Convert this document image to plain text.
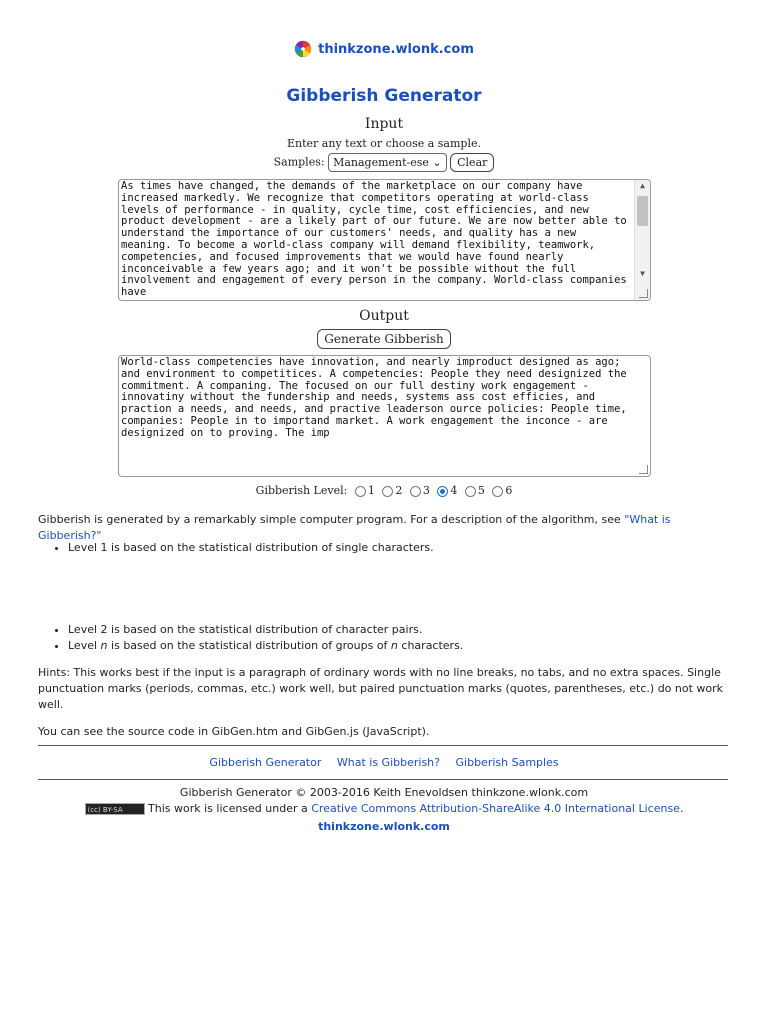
thinkzone.wlonk.com
Gibberish Generator
Input
Enter any text or choose a sample.
Samples: Management-ese ⌄ Clear
As times have changed, the demands of the marketplace on our company have increased markedly. We recognize that competitors operating at world-class levels of performance - in quality, cycle time, cost efficiencies, and new product development - are a likely part of our future. We are now better able to understand the importance of our customers' needs, and quality has a new meaning. To become a world-class company will demand flexibility, teamwork, competencies, and focused improvements that we would have found nearly inconceivable a few years ago; and it won't be possible without the full involvement and engagement of every person in the company. World-class companies have
▲
▼
Output
Generate Gibberish
World-class competencies have innovation, and nearly improduct designed as ago; and environment to competitices. A competencies: People they need designized the commitment. A companing. The focused on our full destiny work engagement - innovatiny without the fundership and needs, systems ass cost efficies, and praction a needs, and needs, and practive leaderson ource policies: People time, companies: People in to importand market. A work engagement the inconce - are designized on to proving. The imp
Gibberish Level: 1 2 3 4 5 6
Gibberish is generated by a remarkably simple computer program. For a description of the algorithm, see "What is Gibberish?"
• Level 1 is based on the statistical distribution of single characters.
• Level 2 is based on the statistical distribution of character pairs.
• Level n is based on the statistical distribution of groups of n characters.
Hints: This works best if the input is a paragraph of ordinary words with no line breaks, no tabs, and no extra spaces. Single punctuation marks (periods, commas, etc.) work well, but paired punctuation marks (quotes, parentheses, etc.) do not work well.
You can see the source code in GibGen.htm and GibGen.js (JavaScript).
Gibberish Generator What is Gibberish? Gibberish Samples
Gibberish Generator © 2003-2016 Keith Enevoldsen thinkzone.wlonk.com
(cc) BY-SA This work is licensed under a Creative Commons Attribution-ShareAlike 4.0 International License.
thinkzone.wlonk.com
